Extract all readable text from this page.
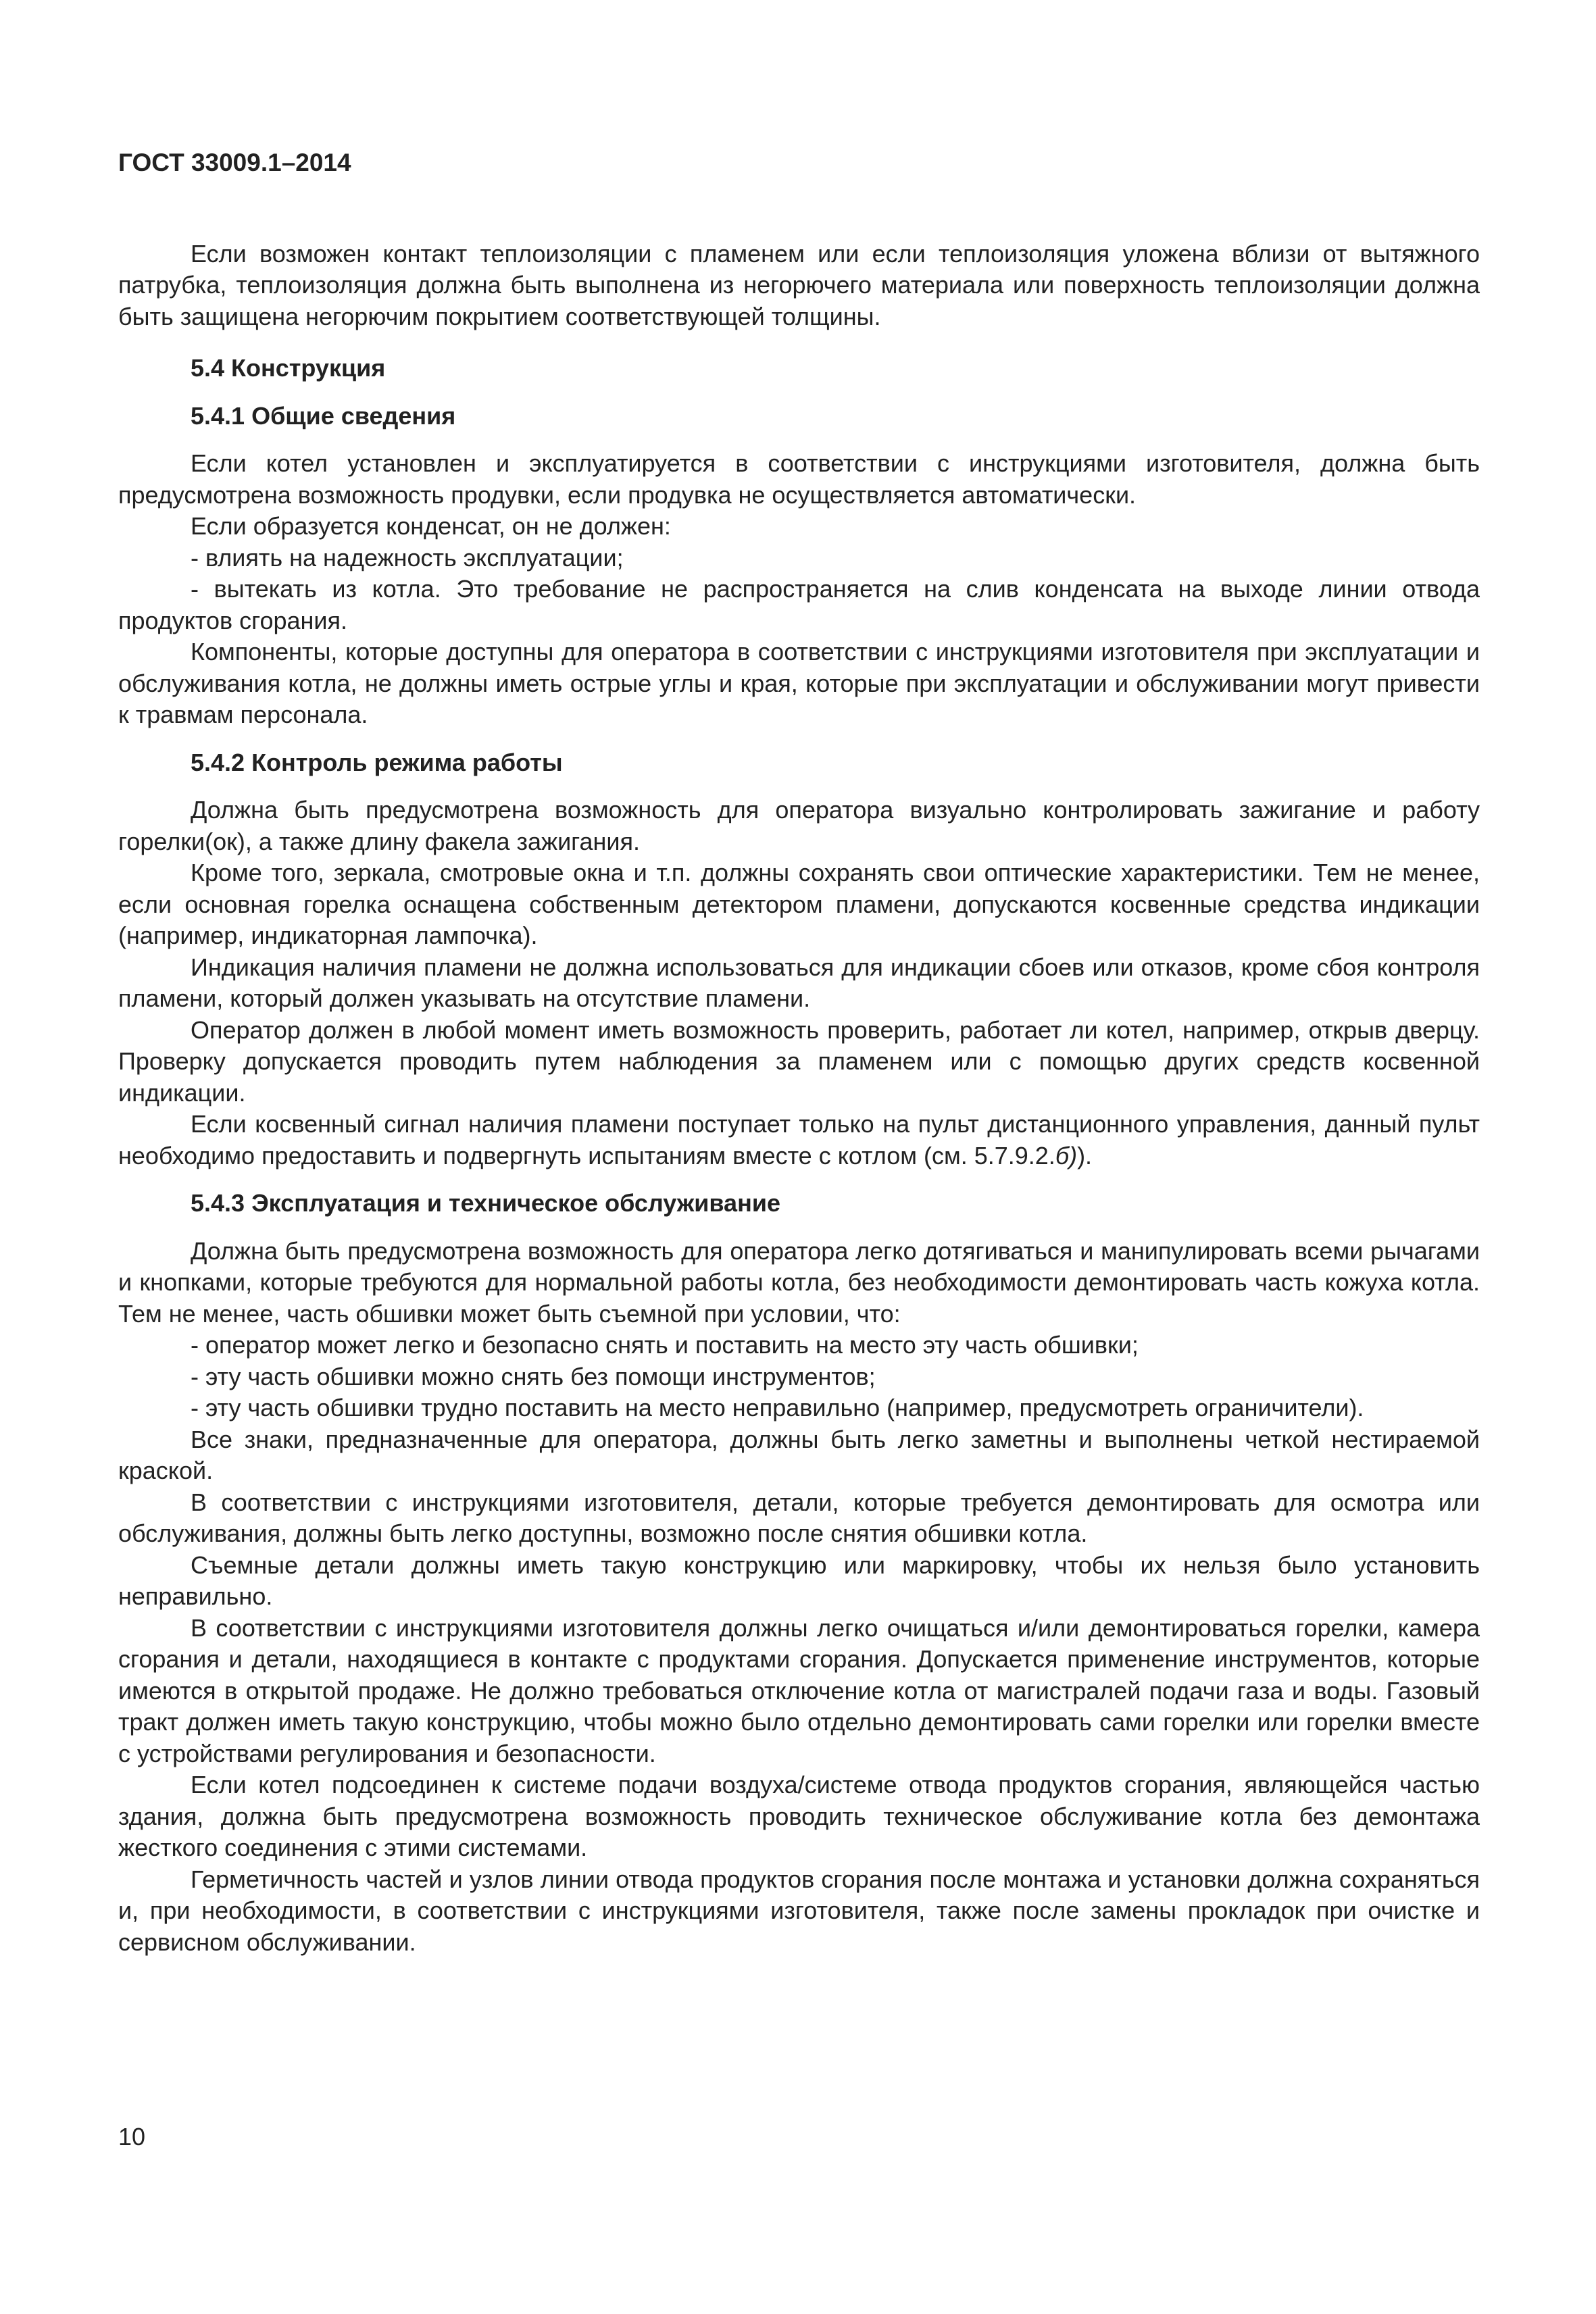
ГОСТ 33009.1–2014

Если возможен контакт теплоизоляции с пламенем или если теплоизоляция уложена вблизи от вытяжного патрубка, теплоизоляция должна быть выполнена из негорючего материала или поверхность теплоизоляции должна быть защищена негорючим покрытием соответствующей толщины.

5.4 Конструкция
5.4.1 Общие сведения

Если котел установлен и эксплуатируется в соответствии с инструкциями изготовителя, должна быть предусмотрена возможность продувки, если продувка не осуществляется автоматически.

Если образуется конденсат, он не должен:

- влиять на надежность эксплуатации;

- вытекать из котла. Это требование не распространяется на слив конденсата на выходе линии отвода продуктов сгорания.

Компоненты, которые доступны для оператора в соответствии с инструкциями изготовителя при эксплуатации и обслуживания котла, не должны иметь острые углы и края, которые при эксплуатации и обслуживании могут привести к травмам персонала.

5.4.2 Контроль режима работы

Должна быть предусмотрена возможность для оператора визуально контролировать зажигание и работу горелки(ок), а также длину факела зажигания.

Кроме того, зеркала, смотровые окна и т.п. должны сохранять свои оптические характеристики. Тем не менее, если основная горелка оснащена собственным детектором пламени, допускаются косвенные средства индикации (например, индикаторная лампочка).

Индикация наличия пламени не должна использоваться для индикации сбоев или отказов, кроме сбоя контроля пламени, который должен указывать на отсутствие пламени.

Оператор должен в любой момент иметь возможность проверить, работает ли котел, например, открыв дверцу. Проверку допускается проводить путем наблюдения за пламенем или с помощью других средств косвенной индикации.

Если косвенный сигнал наличия пламени поступает только на пульт дистанционного управления, данный пульт необходимо предоставить и подвергнуть испытаниям вместе с котлом (см. 5.7.9.2.б)).

5.4.3 Эксплуатация и техническое обслуживание

Должна быть предусмотрена возможность для оператора легко дотягиваться и манипулировать всеми рычагами и кнопками, которые требуются для нормальной работы котла, без необходимости демонтировать часть кожуха котла. Тем не менее, часть обшивки может быть съемной при условии, что:

- оператор может легко и безопасно снять и поставить на место эту часть обшивки;

- эту часть обшивки можно снять без помощи инструментов;

- эту часть обшивки трудно поставить на место неправильно (например, предусмотреть ограничители).

Все знаки, предназначенные для оператора, должны быть легко заметны и выполнены четкой нестираемой краской.

В соответствии с инструкциями изготовителя, детали, которые требуется демонтировать для осмотра или обслуживания, должны быть легко доступны, возможно после снятия обшивки котла.

Съемные детали должны иметь такую конструкцию или маркировку, чтобы их нельзя было установить неправильно.

В соответствии с инструкциями изготовителя должны легко очищаться и/или демонтироваться горелки, камера сгорания и детали, находящиеся в контакте с продуктами сгорания. Допускается применение инструментов, которые имеются в открытой продаже. Не должно требоваться отключение котла от магистралей подачи газа и воды. Газовый тракт должен иметь такую конструкцию, чтобы можно было отдельно демонтировать сами горелки или горелки вместе с устройствами регулирования и безопасности.

Если котел подсоединен к системе подачи воздуха/системе отвода продуктов сгорания, являющейся частью здания, должна быть предусмотрена возможность проводить техническое обслуживание котла без демонтажа жесткого соединения с этими системами.

Герметичность частей и узлов линии отвода продуктов сгорания после монтажа и установки должна сохраняться и, при необходимости, в соответствии с инструкциями изготовителя, также после замены прокладок при очистке и сервисном обслуживании.

10
